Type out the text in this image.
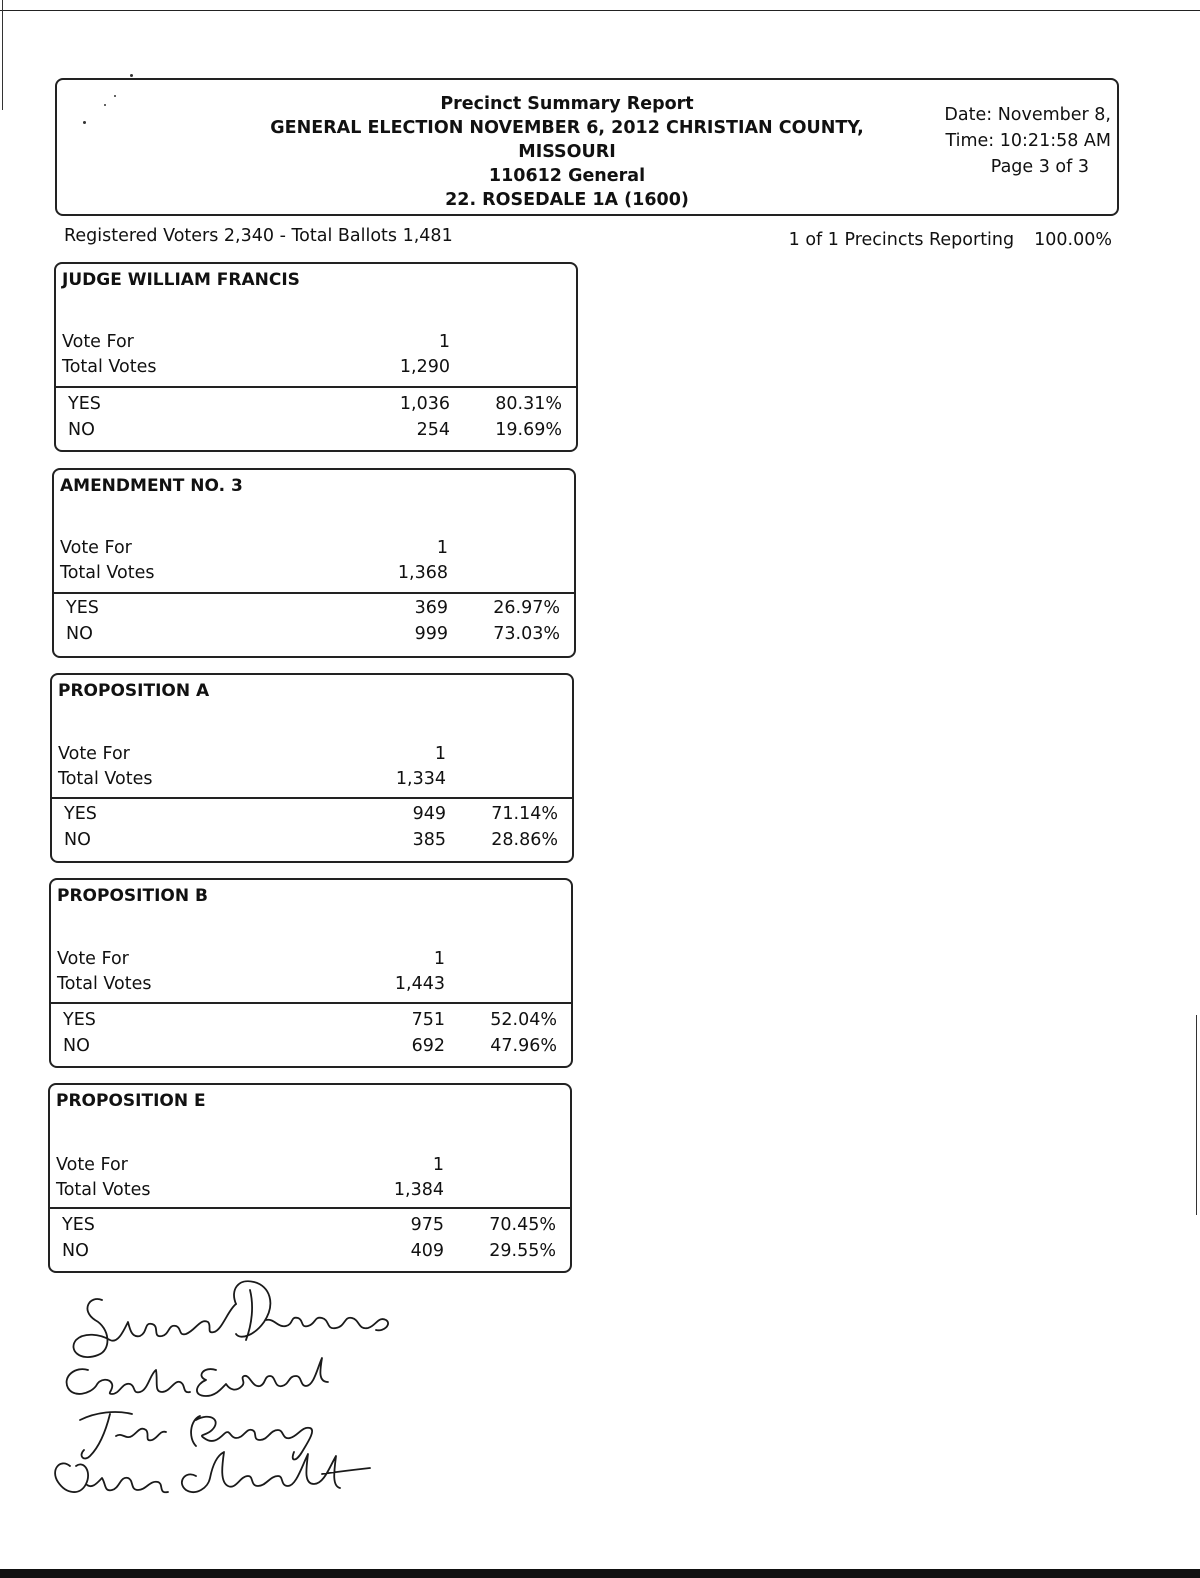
Precinct Summary Report
GENERAL ELECTION NOVEMBER 6, 2012 CHRISTIAN COUNTY,
MISSOURI
110612 General
22. ROSEDALE 1A (1600)
Date: November 8,
Time: 10:21:58 AM
Page 3 of 3
Registered Voters 2,340 - Total Ballots 1,481	1 of 1 Precincts Reporting 100.00%
JUDGE WILLIAM FRANCIS
Vote For	1
Total Votes	1,290
YES	1,036	80.31%
NO	254	19.69%
AMENDMENT NO. 3
Vote For	1
Total Votes	1,368
YES	369	26.97%
NO	999	73.03%
PROPOSITION A
Vote For	1
Total Votes	1,334
YES	949	71.14%
NO	385	28.86%
PROPOSITION B
Vote For	1
Total Votes	1,443
YES	751	52.04%
NO	692	47.96%
PROPOSITION E
Vote For	1
Total Votes	1,384
YES	975	70.45%
NO	409	29.55%
